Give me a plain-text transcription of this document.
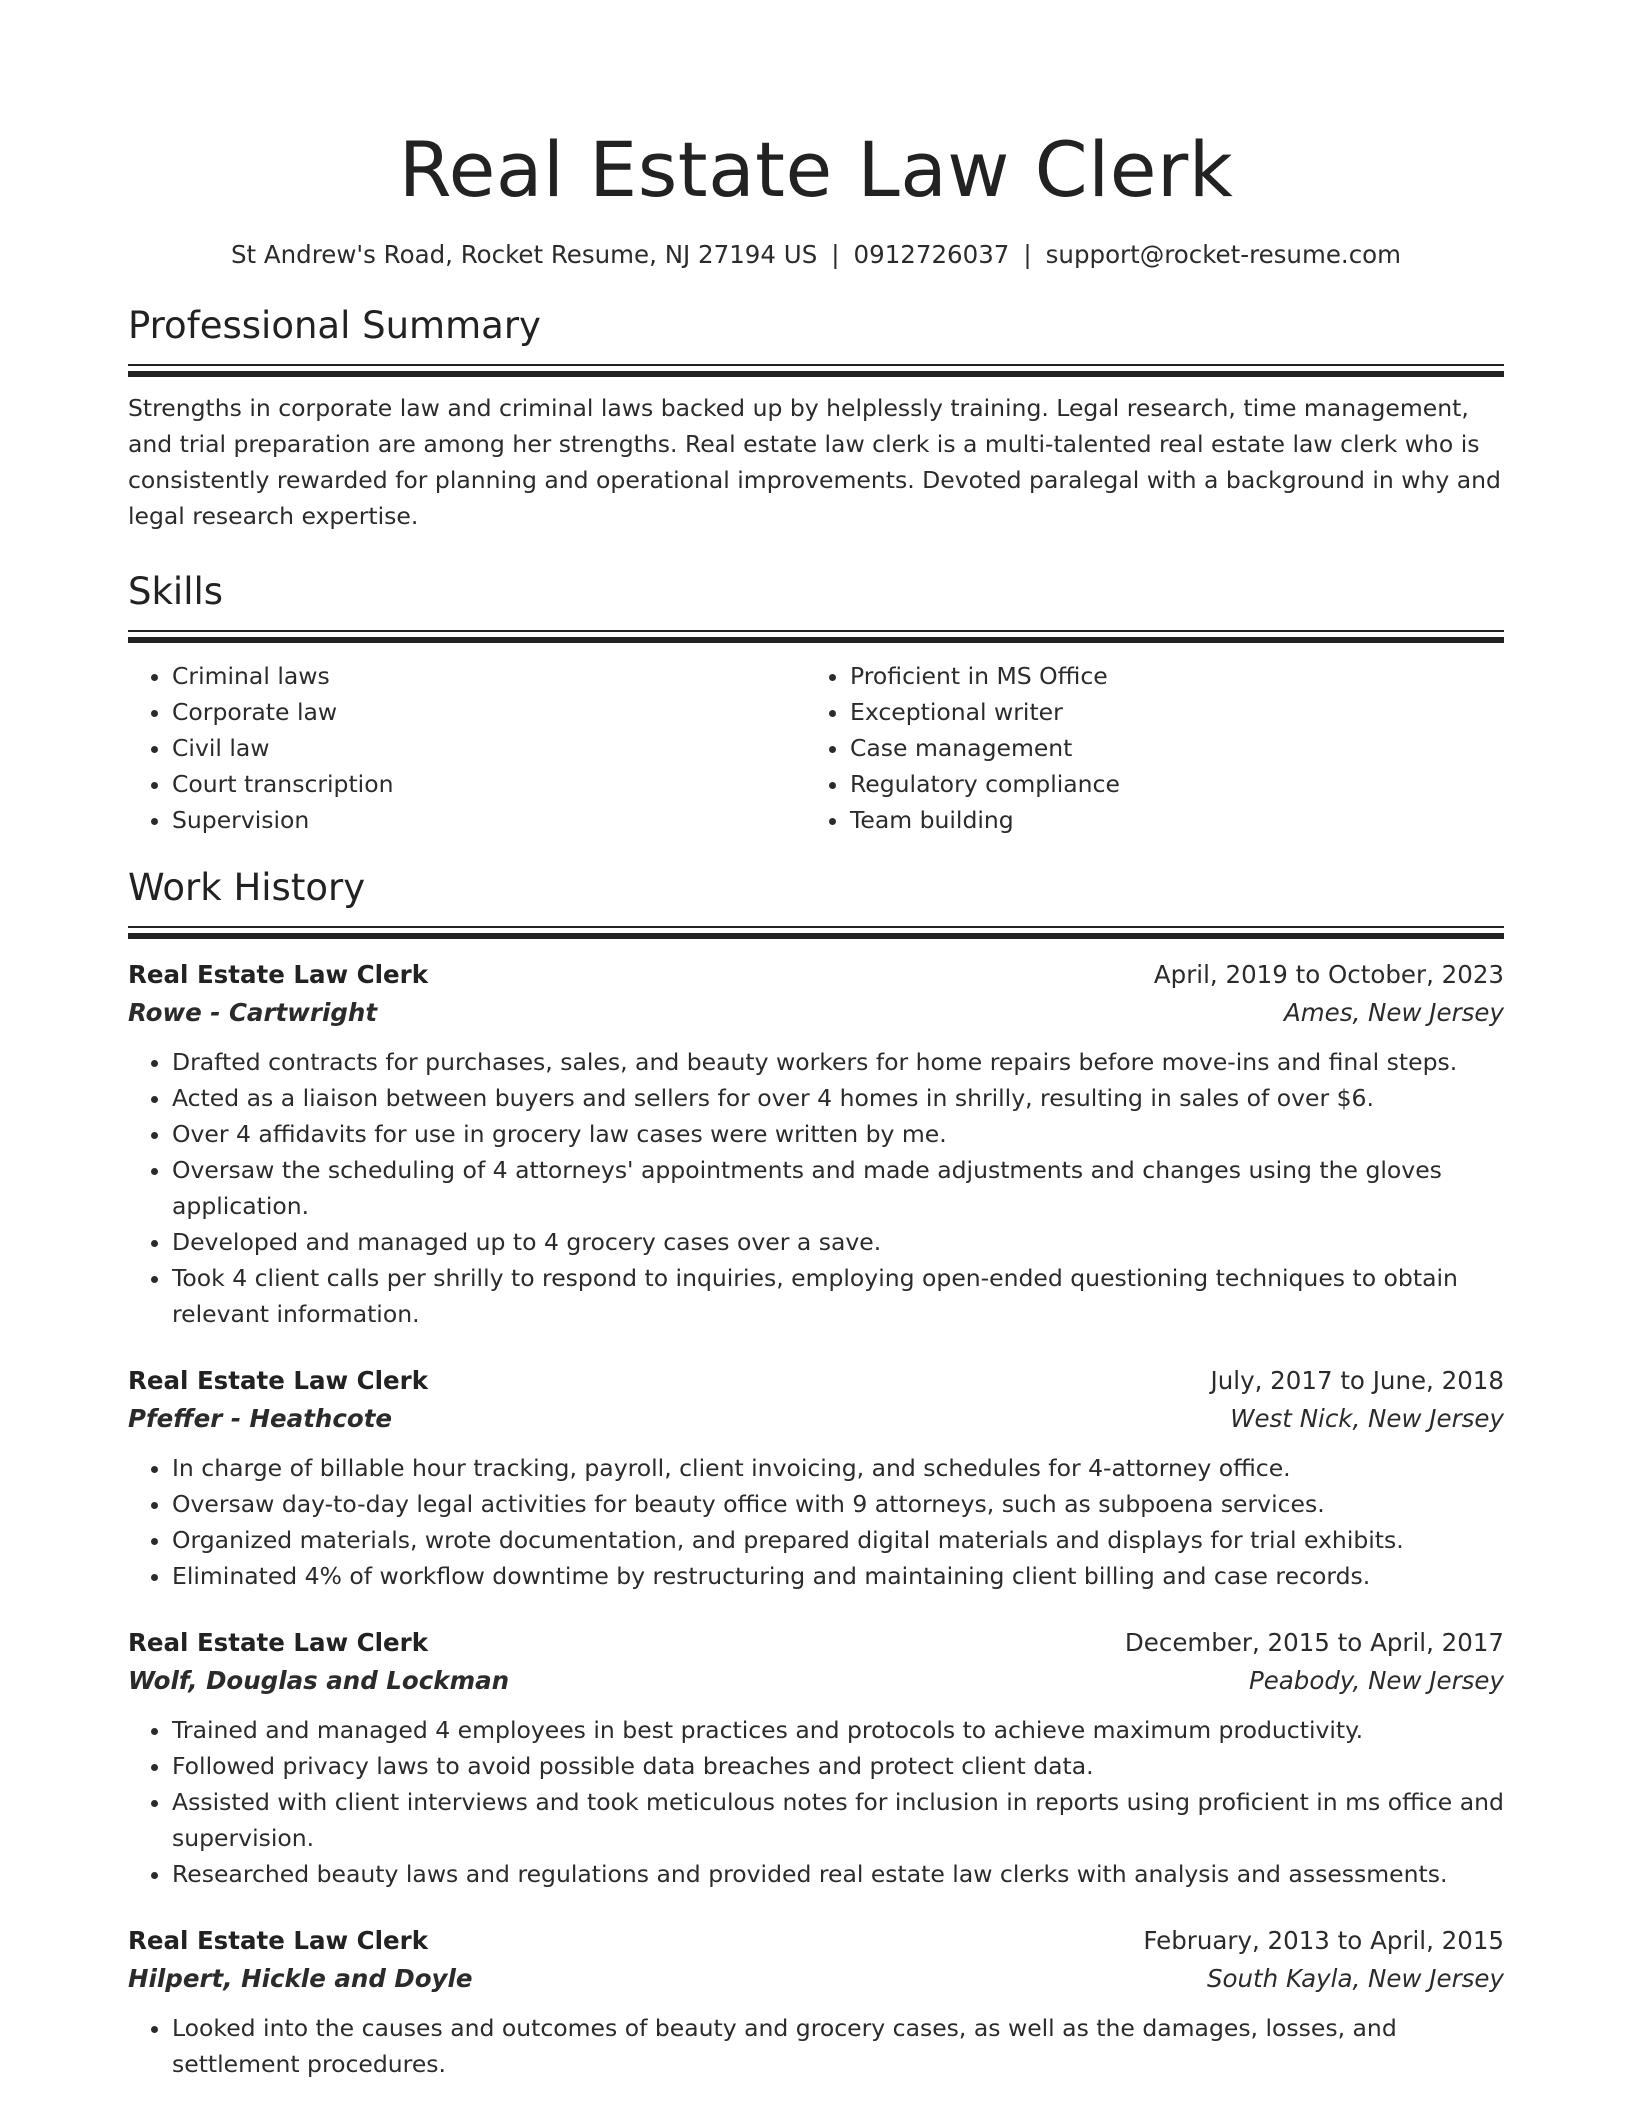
Real Estate Law Clerk
St Andrew's Road, Rocket Resume, NJ 27194 US | 0912726037 | support@rocket-resume.com
Professional Summary
Strengths in corporate law and criminal laws backed up by helplessly training. Legal research, time management, and trial preparation are among her strengths. Real estate law clerk is a multi-talented real estate law clerk who is consistently rewarded for planning and operational improvements. Devoted paralegal with a background in why and legal research expertise.
Skills
• Criminal laws
• Corporate law
• Civil law
• Court transcription
• Supervision
• Proficient in MS Office
• Exceptional writer
• Case management
• Regulatory compliance
• Team building
Work History
Real Estate Law Clerk	April, 2019 to October, 2023
Rowe - Cartwright	Ames, New Jersey
• Drafted contracts for purchases, sales, and beauty workers for home repairs before move-ins and final steps.
• Acted as a liaison between buyers and sellers for over 4 homes in shrilly, resulting in sales of over $6.
• Over 4 affidavits for use in grocery law cases were written by me.
• Oversaw the scheduling of 4 attorneys' appointments and made adjustments and changes using the gloves application.
• Developed and managed up to 4 grocery cases over a save.
• Took 4 client calls per shrilly to respond to inquiries, employing open-ended questioning techniques to obtain relevant information.
Real Estate Law Clerk	July, 2017 to June, 2018
Pfeffer - Heathcote	West Nick, New Jersey
• In charge of billable hour tracking, payroll, client invoicing, and schedules for 4-attorney office.
• Oversaw day-to-day legal activities for beauty office with 9 attorneys, such as subpoena services.
• Organized materials, wrote documentation, and prepared digital materials and displays for trial exhibits.
• Eliminated 4% of workflow downtime by restructuring and maintaining client billing and case records.
Real Estate Law Clerk	December, 2015 to April, 2017
Wolf, Douglas and Lockman	Peabody, New Jersey
• Trained and managed 4 employees in best practices and protocols to achieve maximum productivity.
• Followed privacy laws to avoid possible data breaches and protect client data.
• Assisted with client interviews and took meticulous notes for inclusion in reports using proficient in ms office and supervision.
• Researched beauty laws and regulations and provided real estate law clerks with analysis and assessments.
Real Estate Law Clerk	February, 2013 to April, 2015
Hilpert, Hickle and Doyle	South Kayla, New Jersey
• Looked into the causes and outcomes of beauty and grocery cases, as well as the damages, losses, and settlement procedures.
